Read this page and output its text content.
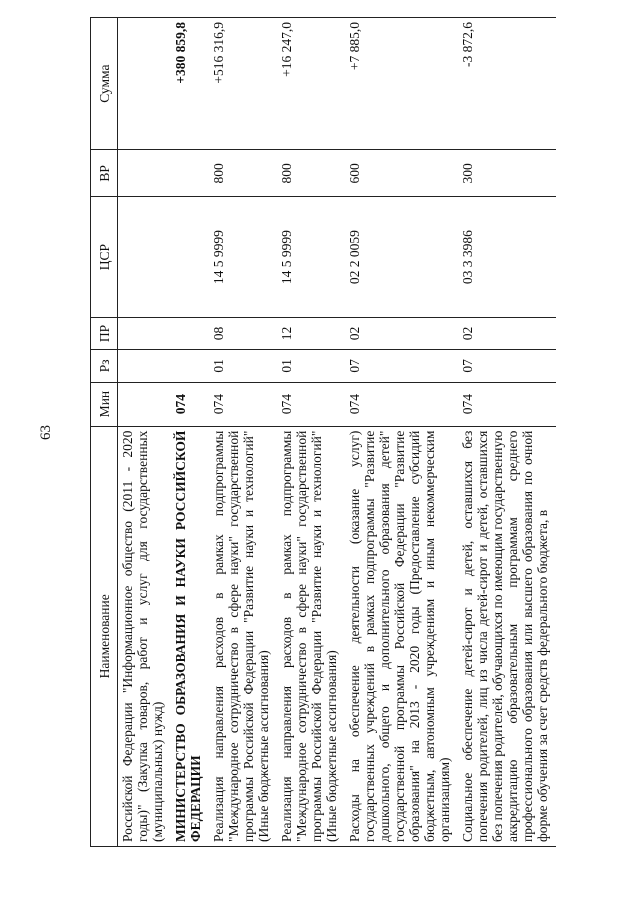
63
Наименование	Мин	Рз	ПР	ЦСР	ВР	Сумма
Российской Федерации "Информационное общество (2011 - 2020 годы)" (Закупка товаров, работ и услуг для государственных (муниципальных) нужд)						
МИНИСТЕРСТВО ОБРАЗОВАНИЯ И НАУКИ РОССИЙСКОЙ ФЕДЕРАЦИИ	074					+380 859,8
Реализация направления расходов в рамках подпрограммы "Международное сотрудничество в сфере науки" государственной программы Российской Федерации "Развитие науки и технологий" (Иные бюджетные ассигнования)	074	01	08	14 5 9999	800	+516 316,9
Реализация направления расходов в рамках подпрограммы "Международное сотрудничество в сфере науки" государственной программы Российской Федерации "Развитие науки и технологий" (Иные бюджетные ассигнования)	074	01	12	14 5 9999	800	+16 247,0
Расходы на обеспечение деятельности (оказание услуг) государственных учреждений в рамках подпрограммы "Развитие дошкольного, общего и дополнительного образования детей" государственной программы Российской Федерации "Развитие образования" на 2013 - 2020 годы (Предоставление субсидий бюджетным, автономным учреждениям и иным некоммерческим организациям)	074	07	02	02 2 0059	600	+7 885,0
Социальное обеспечение детей-сирот и детей, оставшихся без попечения родителей, лиц из числа детей-сирот и детей, оставшихся без попечения родителей, обучающихся по имеющим государственную аккредитацию образовательным программам среднего профессионального образования или высшего образования по очной форме обучения за счет средств федерального бюджета, в	074	07	02	03 3 3986	300	-3 872,6
